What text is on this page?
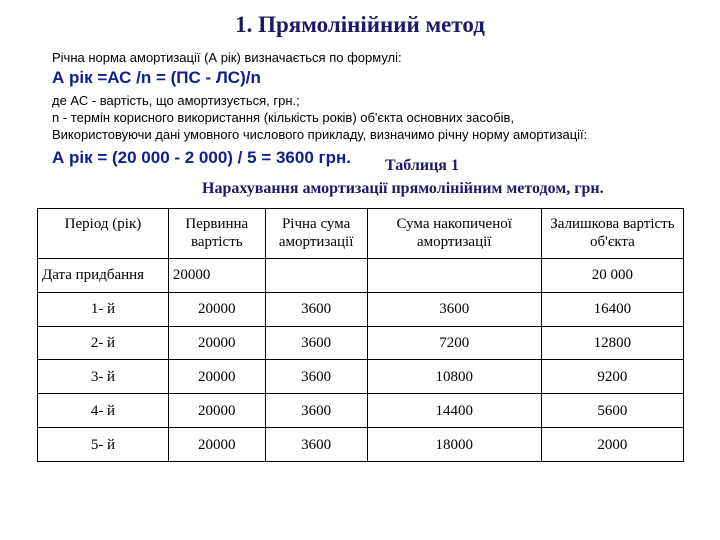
1. Прямолінійний метод
Річна норма амортизації (А рік) визначається по формулі:
А рік =АС /n = (ПС - ЛС)/n
де АС - вартість, що амортизується, грн.;
n - термін корисного використання (кількість років) об'єкта основних засобів,
Використовуючи дані умовного числового прикладу, визначимо річну норму амортизації:
А рік = (20 000 - 2 000) / 5 = 3600 грн. Таблиця 1
Нарахування амортизації прямолінійним методом, грн.
Період (рік)	Первинна вартість	Річна сума амортизації	Сума накопиченої амортизації	Залишкова вартість об'єкта
Дата придбання	20000			20 000
1- й	20000	3600	3600	16400
2- й	20000	3600	7200	12800
3- й	20000	3600	10800	9200
4- й	20000	3600	14400	5600
5- й	20000	3600	18000	2000
